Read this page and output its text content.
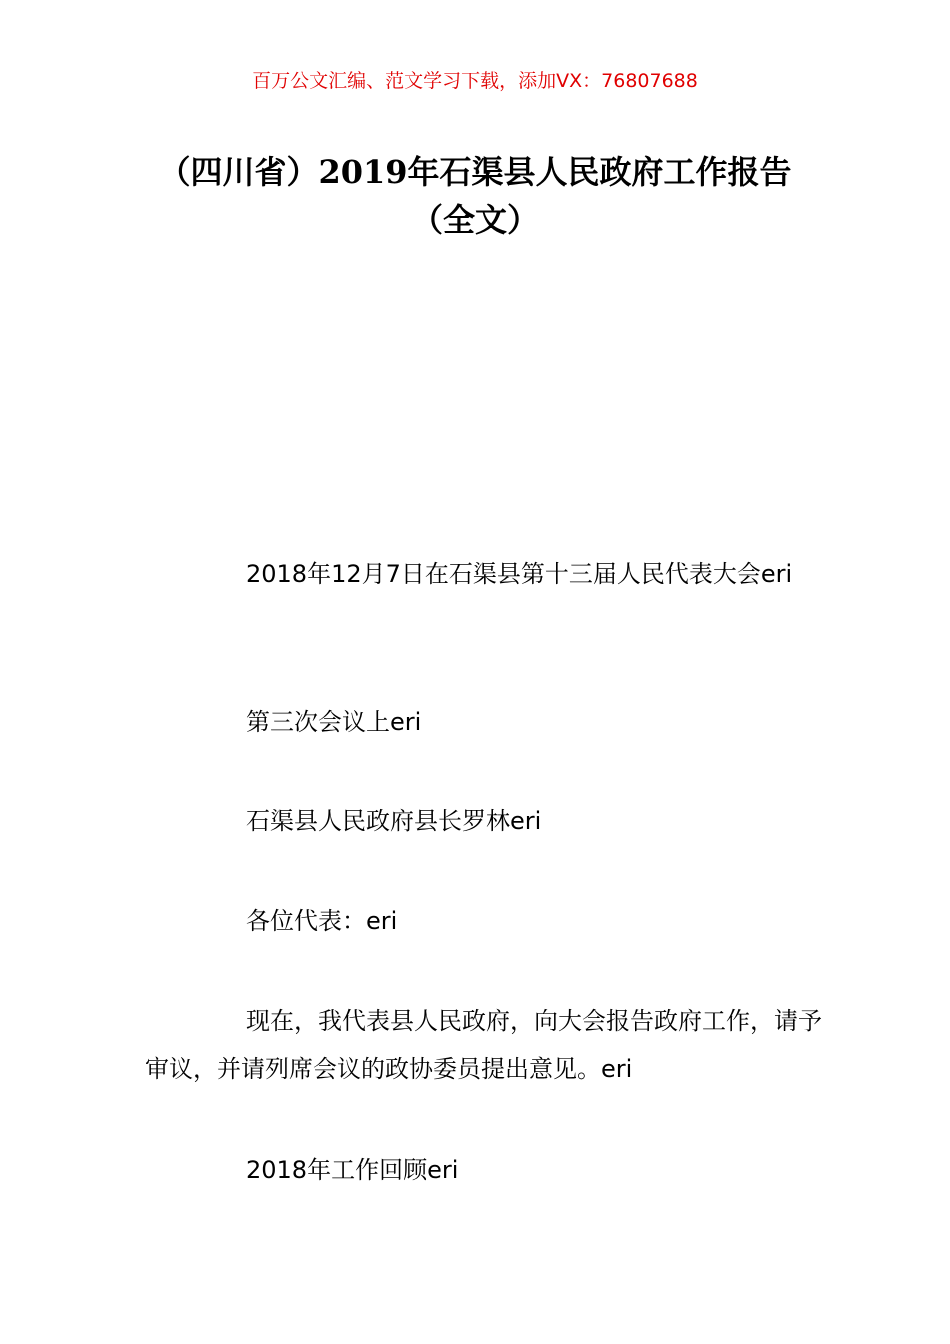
百万公文汇编、范文学习下载，添加VX：76807688
（四川省）2019年石渠县人民政府工作报告（全文）

2018年12月7日在石渠县第十三届人民代表大会eri

第三次会议上eri

石渠县人民政府县长罗林eri

各位代表：eri

现在，我代表县人民政府，向大会报告政府工作，请予审议，并请列席会议的政协委员提出意见。eri

2018年工作回顾eri
